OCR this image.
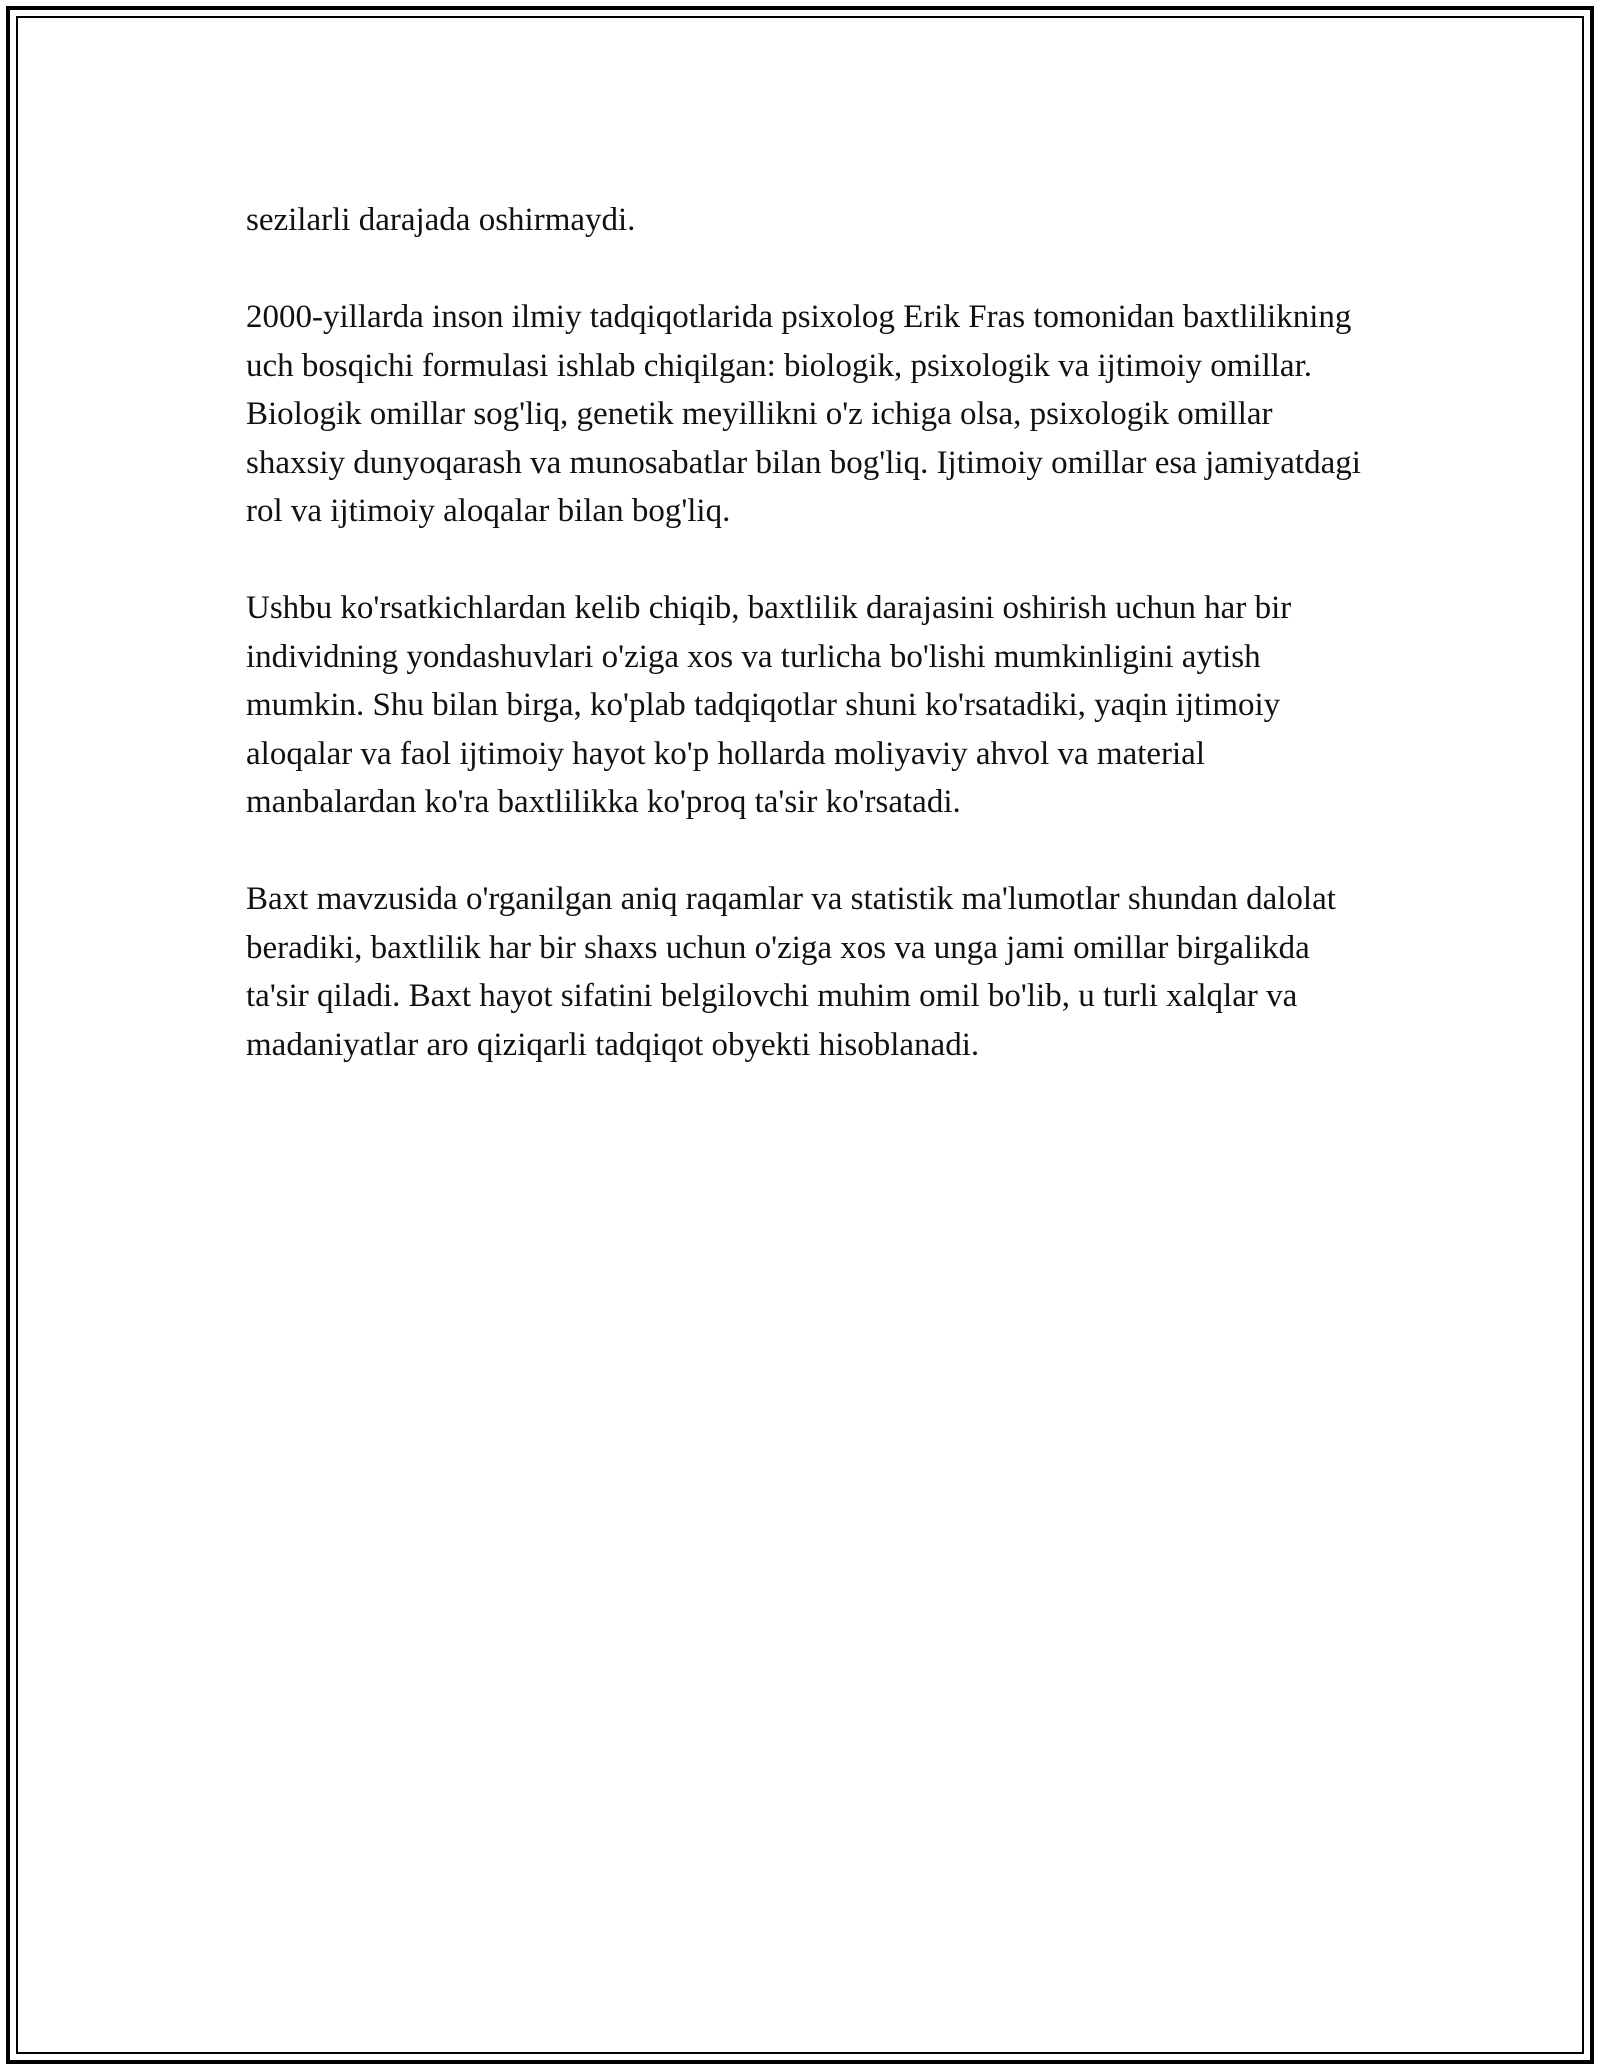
sezilarli darajada oshirmaydi.

2000-yillarda inson ilmiy tadqiqotlarida psixolog Erik Fras tomonidan baxtlilikning uch bosqichi formulasi ishlab chiqilgan: biologik, psixologik va ijtimoiy omillar. Biologik omillar sog'liq, genetik meyillikni o'z ichiga olsa, psixologik omillar shaxsiy dunyoqarash va munosabatlar bilan bog'liq. Ijtimoiy omillar esa jamiyatdagi rol va ijtimoiy aloqalar bilan bog'liq.

Ushbu ko'rsatkichlardan kelib chiqib, baxtlilik darajasini oshirish uchun har bir individning yondashuvlari o'ziga xos va turlicha bo'lishi mumkinligini aytish mumkin. Shu bilan birga, ko'plab tadqiqotlar shuni ko'rsatadiki, yaqin ijtimoiy aloqalar va faol ijtimoiy hayot ko'p hollarda moliyaviy ahvol va material manbalardan ko'ra baxtlilikka ko'proq ta'sir ko'rsatadi.

Baxt mavzusida o'rganilgan aniq raqamlar va statistik ma'lumotlar shundan dalolat beradiki, baxtlilik har bir shaxs uchun o'ziga xos va unga jami omillar birgalikda ta'sir qiladi. Baxt hayot sifatini belgilovchi muhim omil bo'lib, u turli xalqlar va madaniyatlar aro qiziqarli tadqiqot obyekti hisoblanadi.
